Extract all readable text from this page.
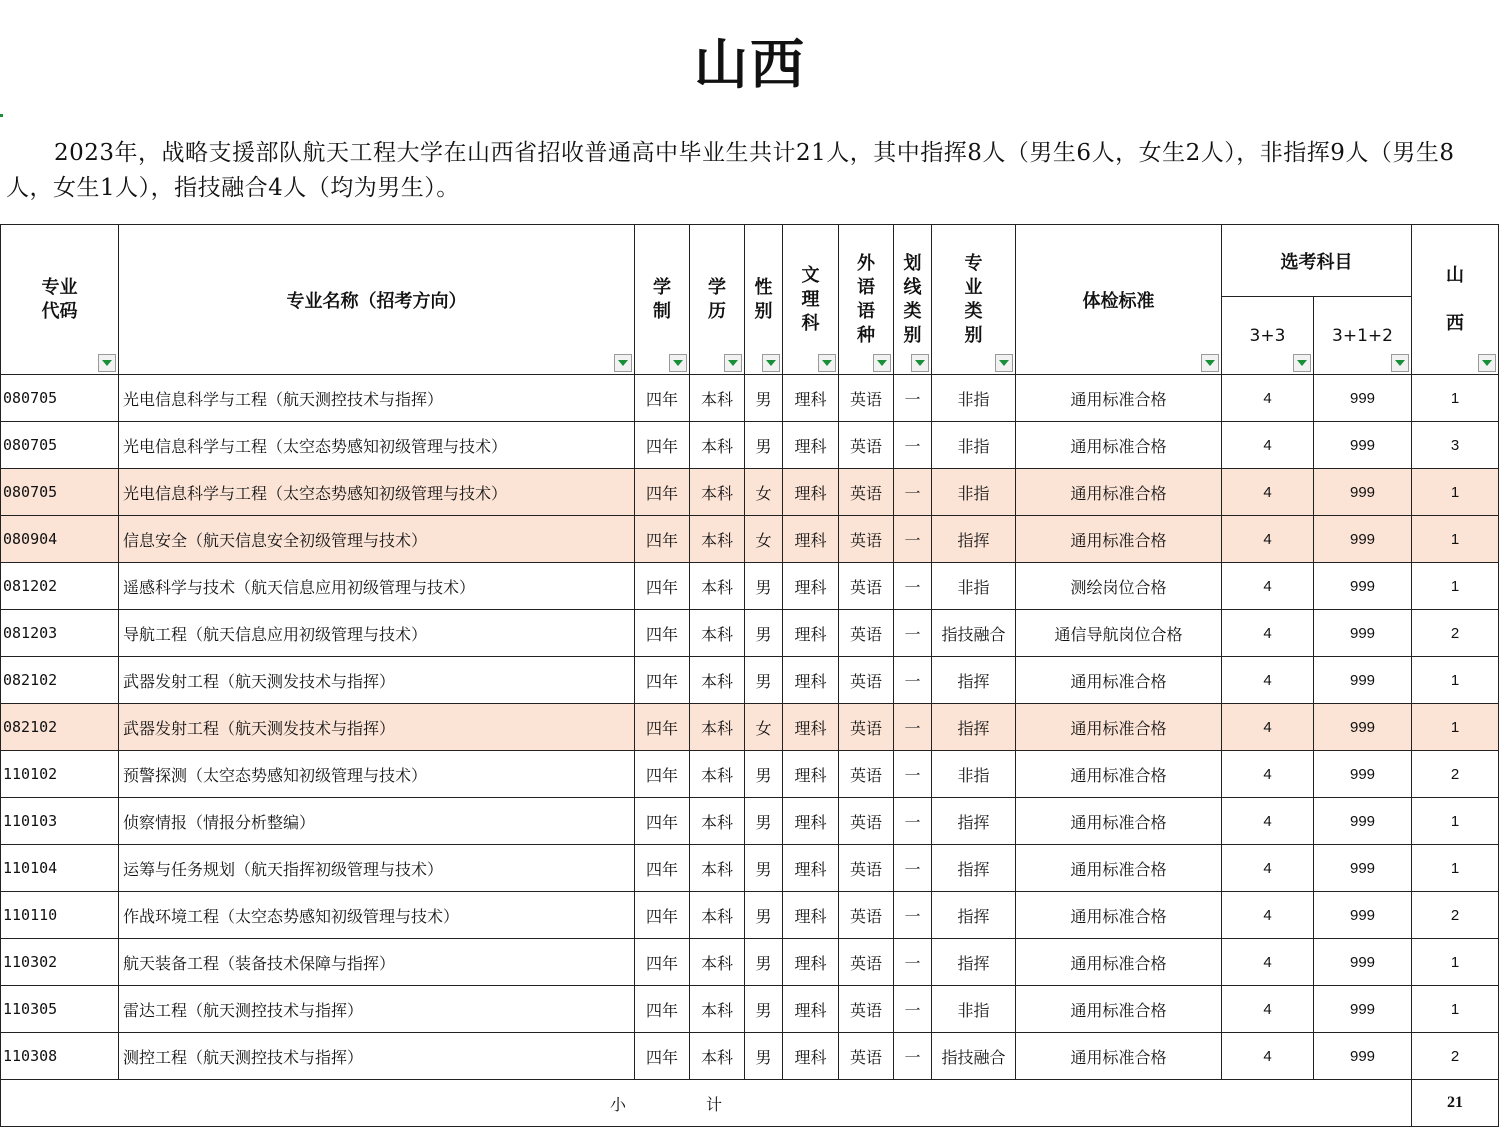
山西
2023年，战略支援部队航天工程大学在山西省招收普通高中毕业生共计21人，其中指挥8人（男生6人，女生2人），非指挥9人（男生8人，女生1人），指技融合4人（均为男生）。
专业代码	专业名称（招考方向）	学制	学历	性别	文理科	外语语种	划线类别	专业类别	体检标准	选考科目		山西

										3+3	3+1+2	

080705	光电信息科学与工程（航天测控技术与指挥）	四年	本科	男	理科	英语	一	非指	通用标准合格	4	999	1
080705	光电信息科学与工程（太空态势感知初级管理与技术）	四年	本科	男	理科	英语	一	非指	通用标准合格	4	999	3
080705	光电信息科学与工程（太空态势感知初级管理与技术）	四年	本科	女	理科	英语	一	非指	通用标准合格	4	999	1
080904	信息安全（航天信息安全初级管理与技术）	四年	本科	女	理科	英语	一	指挥	通用标准合格	4	999	1
081202	遥感科学与技术（航天信息应用初级管理与技术）	四年	本科	男	理科	英语	一	非指	测绘岗位合格	4	999	1
081203	导航工程（航天信息应用初级管理与技术）	四年	本科	男	理科	英语	一	指技融合	通信导航岗位合格	4	999	2
082102	武器发射工程（航天测发技术与指挥）	四年	本科	男	理科	英语	一	指挥	通用标准合格	4	999	1
082102	武器发射工程（航天测发技术与指挥）	四年	本科	女	理科	英语	一	指挥	通用标准合格	4	999	1
110102	预警探测（太空态势感知初级管理与技术）	四年	本科	男	理科	英语	一	非指	通用标准合格	4	999	2
110103	侦察情报（情报分析整编）	四年	本科	男	理科	英语	一	指挥	通用标准合格	4	999	1
110104	运筹与任务规划（航天指挥初级管理与技术）	四年	本科	男	理科	英语	一	指挥	通用标准合格	4	999	1
110110	作战环境工程（太空态势感知初级管理与技术）	四年	本科	男	理科	英语	一	指挥	通用标准合格	4	999	2
110302	航天装备工程（装备技术保障与指挥）	四年	本科	男	理科	英语	一	指挥	通用标准合格	4	999	1
110305	雷达工程（航天测控技术与指挥）	四年	本科	男	理科	英语	一	非指	通用标准合格	4	999	1
110308	测控工程（航天测控技术与指挥）	四年	本科	男	理科	英语	一	指技融合	通用标准合格	4	999	2
小计												21
